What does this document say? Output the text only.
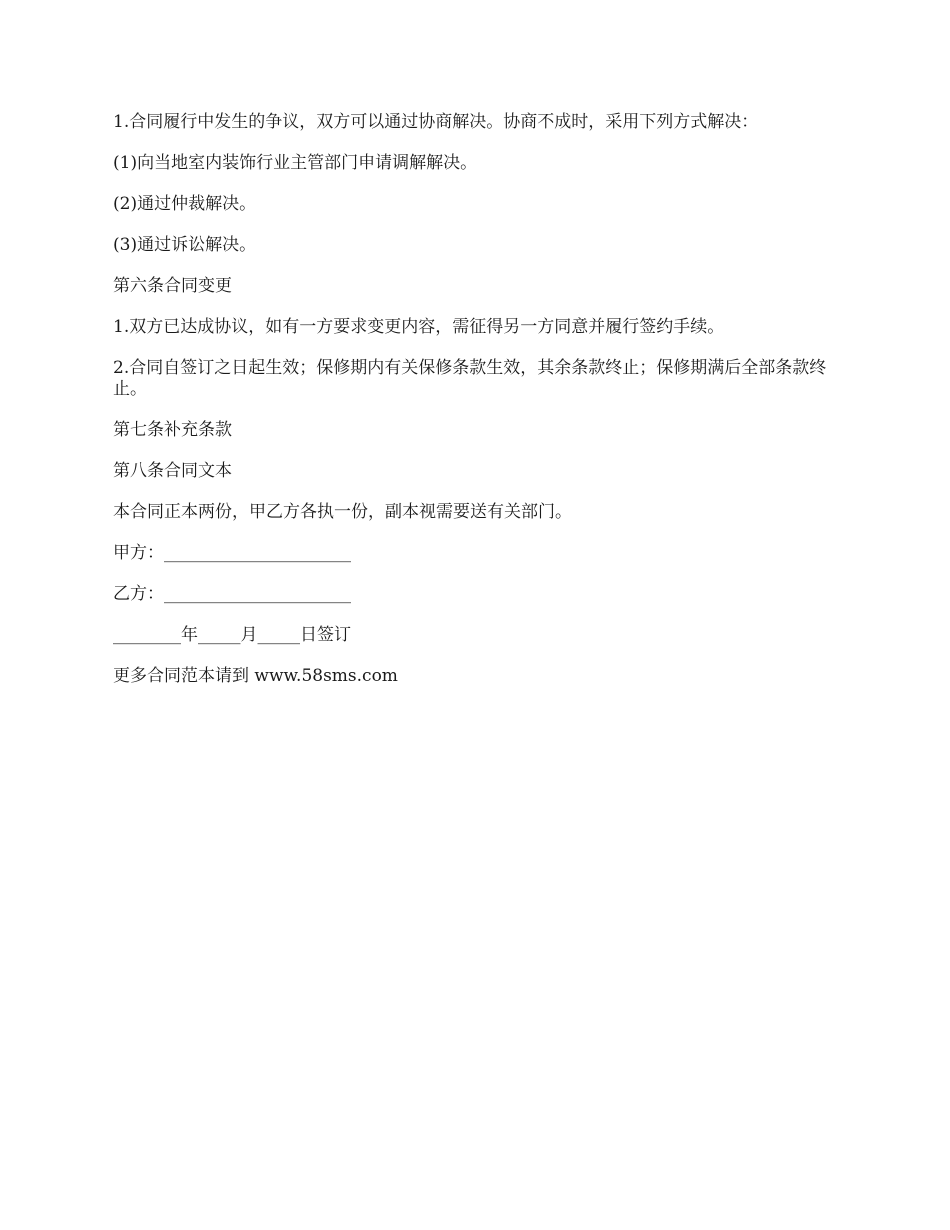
1.合同履行中发生的争议，双方可以通过协商解决。协商不成时，采用下列方式解决：

(1)向当地室内装饰行业主管部门申请调解解决。

(2)通过仲裁解决。

(3)通过诉讼解决。

第六条合同变更

1.双方已达成协议，如有一方要求变更内容，需征得另一方同意并履行签约手续。

2.合同自签订之日起生效；保修期内有关保修条款生效，其余条款终止；保修期满后全部条款终止。

第七条补充条款

第八条合同文本

本合同正本两份，甲乙方各执一份，副本视需要送有关部门。

甲方：______________________

乙方：______________________

________年_____月_____日签订

更多合同范本请到 www.58sms.com
